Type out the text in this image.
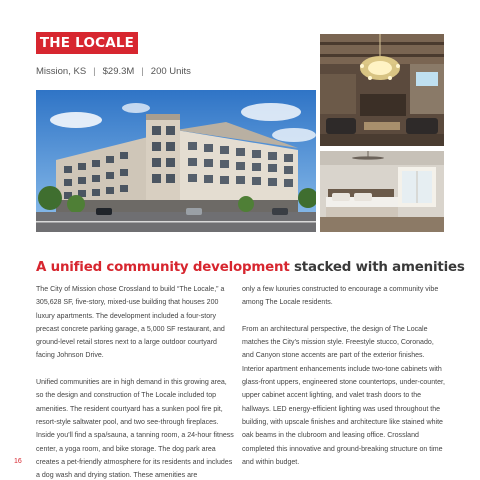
THE LOCALE
Mission, KS | $29.3M | 200 Units
A unified community development stacked with amenities

The City of Mission chose Crossland to build “The Locale,” a 305,628 SF, five-story, mixed-use building that houses 200 luxury apartments. The development included a four-story precast concrete parking garage, a 5,000 SF restaurant, and ground-level retail stores next to a large outdoor courtyard facing Johnson Drive.

Unified communities are in high demand in this growing area, so the design and construction of The Locale included top amenities. The resident courtyard has a sunken pool fire pit, resort-style saltwater pool, and two see-through fireplaces. Inside you’ll find a spa/sauna, a tanning room, a 24-hour fitness center, a yoga room, and bike storage. The dog park area creates a pet-friendly atmosphere for its residents and includes a dog wash and drying station. These amenities are

only a few luxuries constructed to encourage a community vibe among The Locale residents.

From an architectural perspective, the design of The Locale matches the City’s mission style. Freestyle stucco, Coronado, and Canyon stone accents are part of the exterior finishes. Interior apartment enhancements include two-tone cabinets with glass-front uppers, engineered stone countertops, under-counter, upper cabinet accent lighting, and valet trash doors to the hallways. LED energy-efficient lighting was used throughout the building, with upscale finishes and architecture like stained white oak beams in the clubroom and leasing office. Crossland completed this innovative and ground-breaking structure on time and within budget.

16
